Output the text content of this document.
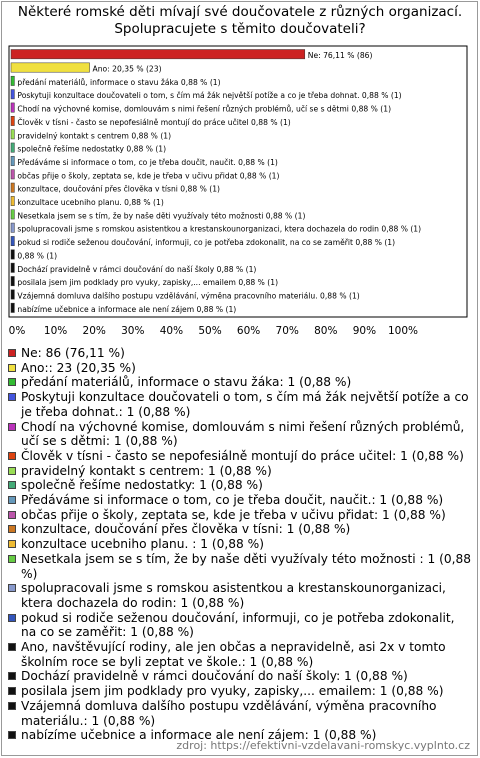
Některé romské děti mívají své doučovatele z různých organizací.
Spolupracujete s těmito doučovateli?
Ne: 76,11 % (86)
Ano: 20,35 % (23)
předání materiálů, informace o stavu žáka 0,88 % (1)
Poskytuji konzultace doučovateli o tom, s čím má žák největší potíže a co je třeba dohnat. 0,88 % (1)
Chodí na výchovné komise, domlouvám s nimi řešení různých problémů, učí se s dětmi 0,88 % (1)
Člověk v tísni - často se nepofesiálně montují do práce učitel 0,88 % (1)
pravidelný kontakt s centrem 0,88 % (1)
společně řešíme nedostatky 0,88 % (1)
Předáváme si informace o tom, co je třeba doučit, naučit. 0,88 % (1)
občas přije o školy, zeptata se, kde je třeba v učivu přidat 0,88 % (1)
konzultace, doučování přes člověka v tísni 0,88 % (1)
konzultace ucebniho planu. 0,88 % (1)
Nesetkala jsem se s tím, že by naše děti využívaly této možnosti 0,88 % (1)
spolupracovali jsme s romskou asistentkou a krestanskounorganizaci, ktera dochazela do rodin 0,88 % (1)
pokud si rodiče seženou doučování, informuji, co je potřeba zdokonalit, na co se zaměřit 0,88 % (1)
0,88 % (1)
Dochází pravidelně v rámci doučování do naší školy 0,88 % (1)
posilala jsem jim podklady pro vyuky, zapisky,... emailem 0,88 % (1)
Vzájemná domluva dalšího postupu vzdělávání, výměna pracovního materiálu. 0,88 % (1)
nabízíme učebnice a informace ale není zájem 0,88 % (1)
0% 10% 20% 30% 40% 50% 60% 70% 80% 90% 100%
Ne: 86 (76,11 %)
Ano:: 23 (20,35 %)
předání materiálů, informace o stavu žáka: 1 (0,88 %)
Poskytuji konzultace doučovateli o tom, s čím má žák největší potíže a co je třeba dohnat.: 1 (0,88 %)
Chodí na výchovné komise, domlouvám s nimi řešení různých problémů, učí se s dětmi: 1 (0,88 %)
Člověk v tísni - často se nepofesiálně montují do práce učitel: 1 (0,88 %)
pravidelný kontakt s centrem: 1 (0,88 %)
společně řešíme nedostatky: 1 (0,88 %)
Předáváme si informace o tom, co je třeba doučit, naučit.: 1 (0,88 %)
občas přije o školy, zeptata se, kde je třeba v učivu přidat: 1 (0,88 %)
konzultace, doučování přes člověka v tísni: 1 (0,88 %)
konzultace ucebniho planu. : 1 (0,88 %)
Nesetkala jsem se s tím, že by naše děti využívaly této možnosti : 1 (0,88 %)
spolupracovali jsme s romskou asistentkou a krestanskounorganizaci, ktera dochazela do rodin: 1 (0,88 %)
pokud si rodiče seženou doučování, informuji, co je potřeba zdokonalit, na co se zaměřit: 1 (0,88 %)
Ano, navštěvující rodiny, ale jen občas a nepravidelně, asi 2x v tomto školním roce se byli zeptat ve škole.: 1 (0,88 %)
Dochází pravidelně v rámci doučování do naší školy: 1 (0,88 %)
posilala jsem jim podklady pro vyuky, zapisky,... emailem: 1 (0,88 %)
Vzájemná domluva dalšího postupu vzdělávání, výměna pracovního materiálu.: 1 (0,88 %)
nabízíme učebnice a informace ale není zájem: 1 (0,88 %)
zdroj: https://efektivni-vzdelavani-romskyc.vyplnto.cz
